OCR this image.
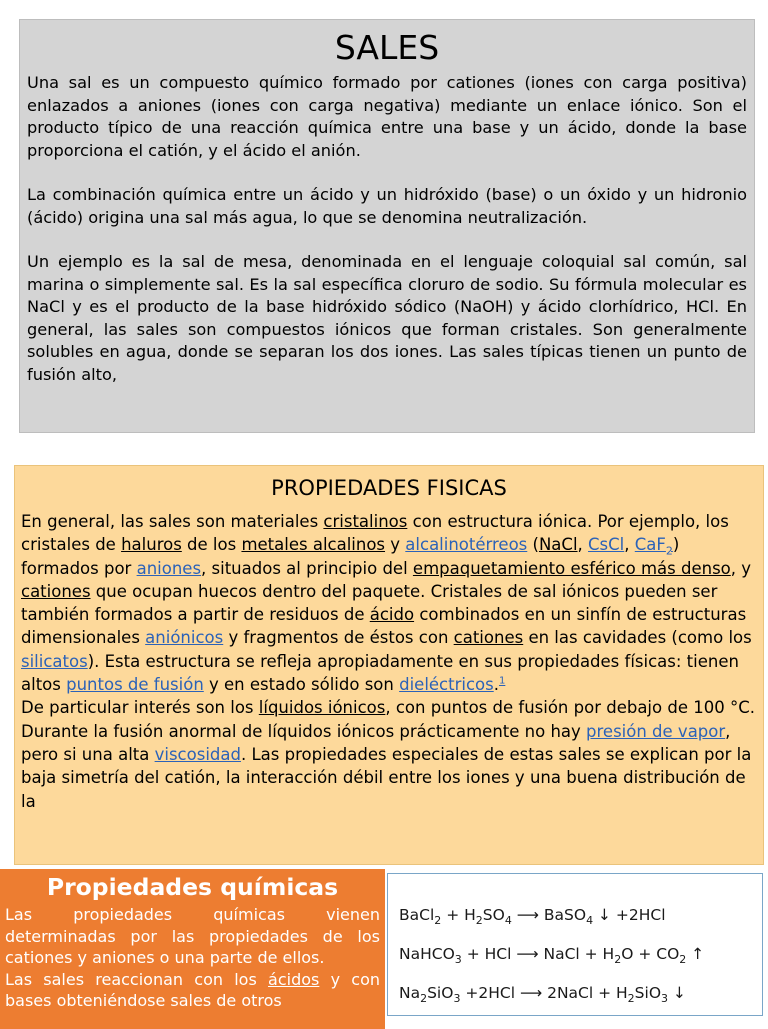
SALES

Una sal es un compuesto químico formado por cationes (iones con carga positiva) enlazados a aniones (iones con carga negativa) mediante un enlace iónico. Son el producto típico de una reacción química entre una base y un ácido, donde la base proporciona el catión, y el ácido el anión.

La combinación química entre un ácido y un hidróxido (base) o un óxido y un hidronio (ácido) origina una sal más agua, lo que se denomina neutralización.

Un ejemplo es la sal de mesa, denominada en el lenguaje coloquial sal común, sal marina o simplemente sal. Es la sal específica cloruro de sodio. Su fórmula molecular es NaCl y es el producto de la base hidróxido sódico (NaOH) y ácido clorhídrico, HCl. En general, las sales son compuestos iónicos que forman cristales. Son generalmente solubles en agua, donde se separan los dos iones. Las sales típicas tienen un punto de fusión alto,

PROPIEDADES FISICAS

En general, las sales son materiales cristalinos con estructura iónica. Por ejemplo, los cristales de haluros de los metales alcalinos y alcalinotérreos (NaCl, CsCl, CaF$_2$) formados por aniones, situados al principio del empaquetamiento esférico más denso, y cationes que ocupan huecos dentro del paquete. Cristales de sal iónicos pueden ser también formados a partir de residuos de ácido combinados en un sinfín de estructuras dimensionales aniónicos y fragmentos de éstos con cationes en las cavidades (como los silicatos). Esta estructura se refleja apropiadamente en sus propiedades físicas: tienen altos puntos de fusión y en estado sólido son dieléctricos.$^1$

De particular interés son los líquidos iónicos, con puntos de fusión por debajo de 100 °C. Durante la fusión anormal de líquidos iónicos prácticamente no hay presión de vapor, pero si una alta viscosidad. Las propiedades especiales de estas sales se explican por la baja simetría del catión, la interacción débil entre los iones y una buena distribución de la

Propiedades químicas

Las propiedades químicas vienen determinadas por las propiedades de los cationes y aniones o una parte de ellos.

Las sales reaccionan con los ácidos y con bases obteniéndose sales de otros

BaCl$_2$ + $H_2SO_4$ ⟶ BaSO$_4$ ↓ +2HCl
NaHCO$_3$ + HCl ⟶ NaCl + $H_2O + CO_2$ ↑
$Na_2SiO_3 +2HCl$ ⟶ 2NaCl + $H_2SiO_3$ ↓
